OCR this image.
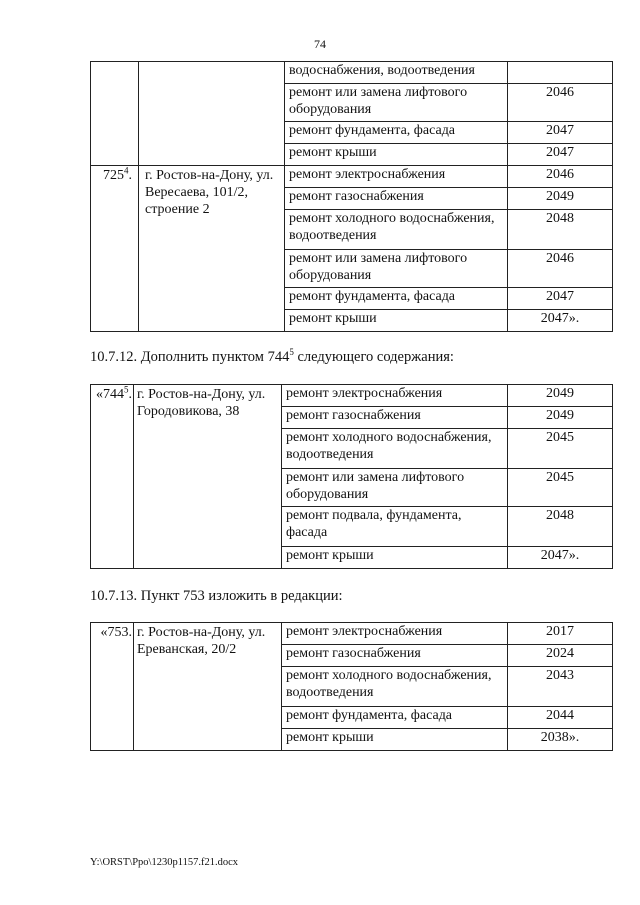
74
		водоснабжения, водоотведения	
		ремонт или замена лифтового оборудования	2046
		ремонт фундамента, фасада	2047
		ремонт крыши	2047
$725^4$.	г. Ростов-на-Дону, ул. Вересаева, 101/2, строение 2	ремонт электроснабжения	2046
		ремонт газоснабжения	2049
		ремонт холодного водоснабжения, водоотведения	2048
		ремонт или замена лифтового оборудования	2046
		ремонт фундамента, фасада	2047
		ремонт крыши	2047».
10.7.12. Дополнить пунктом $744^5$ следующего содержания:
«$744^5$.	г. Ростов-на-Дону, ул. Городовикова, 38	ремонт электроснабжения	2049
		ремонт газоснабжения	2049
		ремонт холодного водоснабжения, водоотведения	2045
		ремонт или замена лифтового оборудования	2045
		ремонт подвала, фундамента, фасада	2048
		ремонт крыши	2047».
10.7.13. Пункт 753 изложить в редакции:
«753.	г. Ростов-на-Дону, ул. Ереванская, 20/2	ремонт электроснабжения	2017
		ремонт газоснабжения	2024
		ремонт холодного водоснабжения, водоотведения	2043
		ремонт фундамента, фасада	2044
		ремонт крыши	2038».
Y:\ORST\Ppo\1230p1157.f21.docx
